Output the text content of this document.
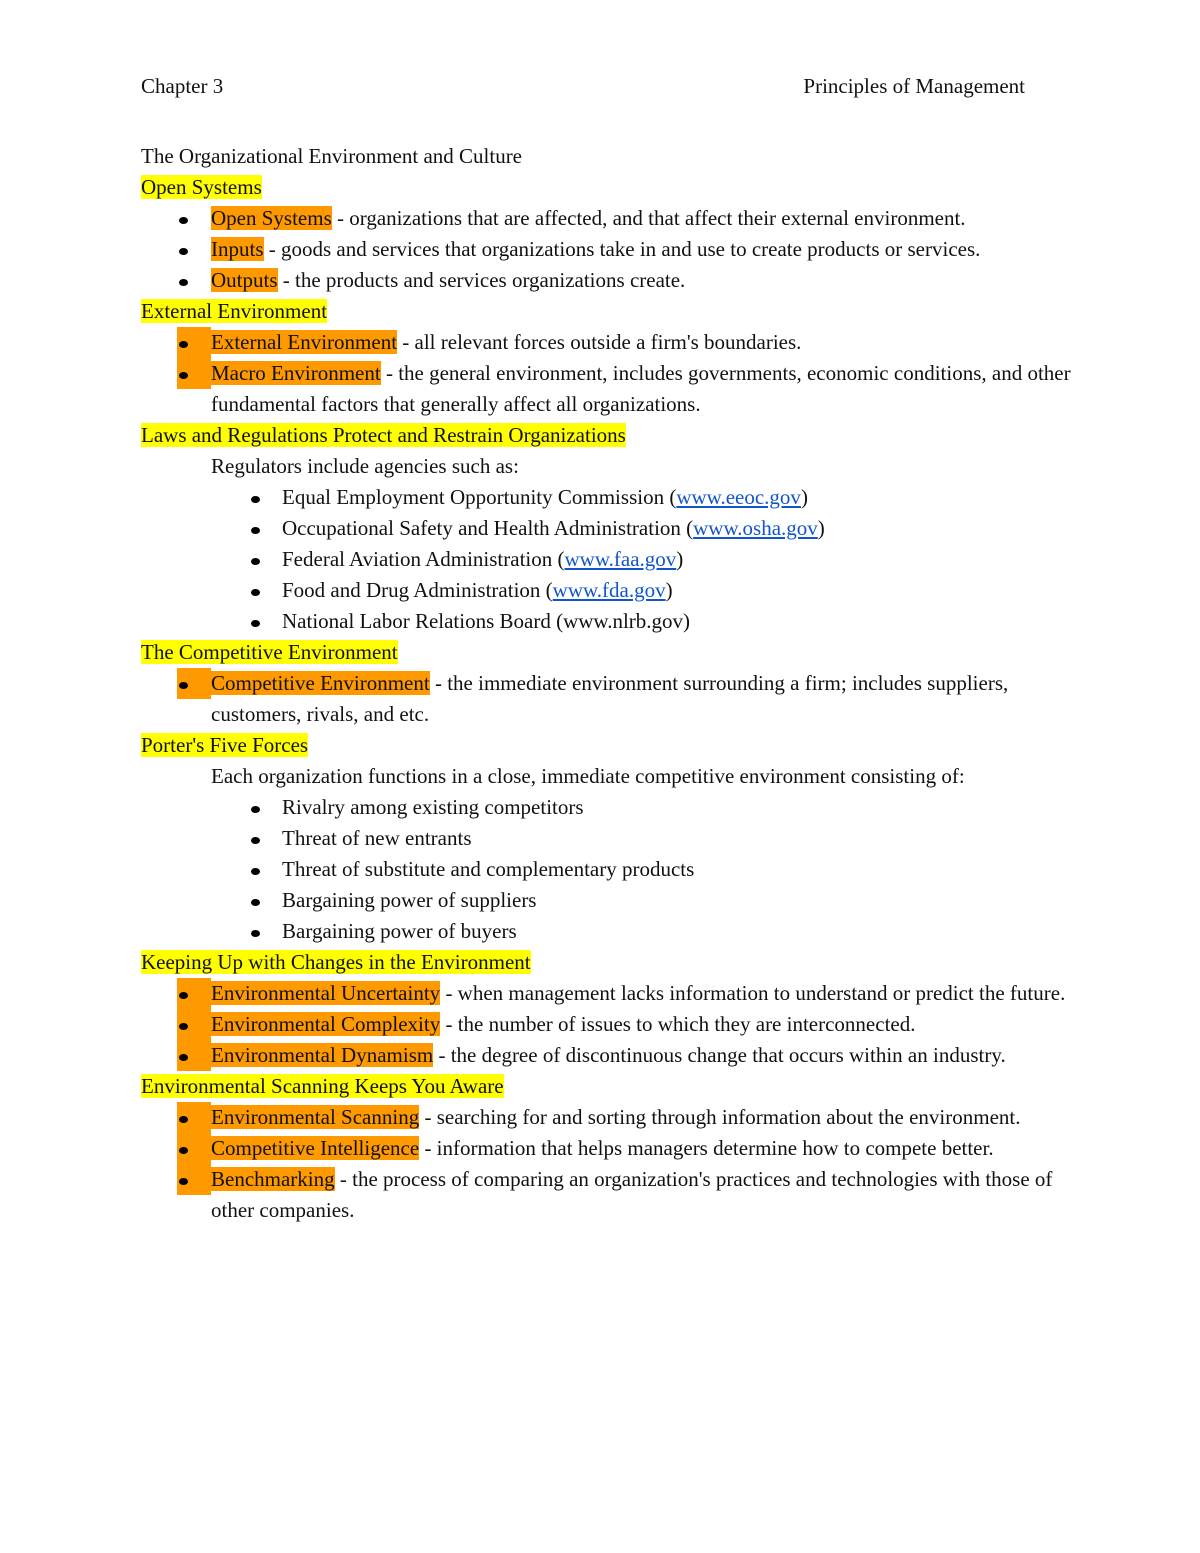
Chapter 3	Principles of Management
The Organizational Environment and Culture
Open Systems
Open Systems - organizations that are affected, and that affect their external environment.
Inputs - goods and services that organizations take in and use to create products or services.
Outputs - the products and services organizations create.
External Environment
External Environment - all relevant forces outside a firm's boundaries.
Macro Environment - the general environment, includes governments, economic conditions, and other fundamental factors that generally affect all organizations.
Laws and Regulations Protect and Restrain Organizations
Regulators include agencies such as:
Equal Employment Opportunity Commission (www.eeoc.gov)
Occupational Safety and Health Administration (www.osha.gov)
Federal Aviation Administration (www.faa.gov)
Food and Drug Administration (www.fda.gov)
National Labor Relations Board (www.nlrb.gov)
The Competitive Environment
Competitive Environment - the immediate environment surrounding a firm; includes suppliers, customers, rivals, and etc.
Porter's Five Forces
Each organization functions in a close, immediate competitive environment consisting of:
Rivalry among existing competitors
Threat of new entrants
Threat of substitute and complementary products
Bargaining power of suppliers
Bargaining power of buyers
Keeping Up with Changes in the Environment
Environmental Uncertainty - when management lacks information to understand or predict the future.
Environmental Complexity - the number of issues to which they are interconnected.
Environmental Dynamism - the degree of discontinuous change that occurs within an industry.
Environmental Scanning Keeps You Aware
Environmental Scanning - searching for and sorting through information about the environment.
Competitive Intelligence - information that helps managers determine how to compete better.
Benchmarking - the process of comparing an organization's practices and technologies with those of other companies.
